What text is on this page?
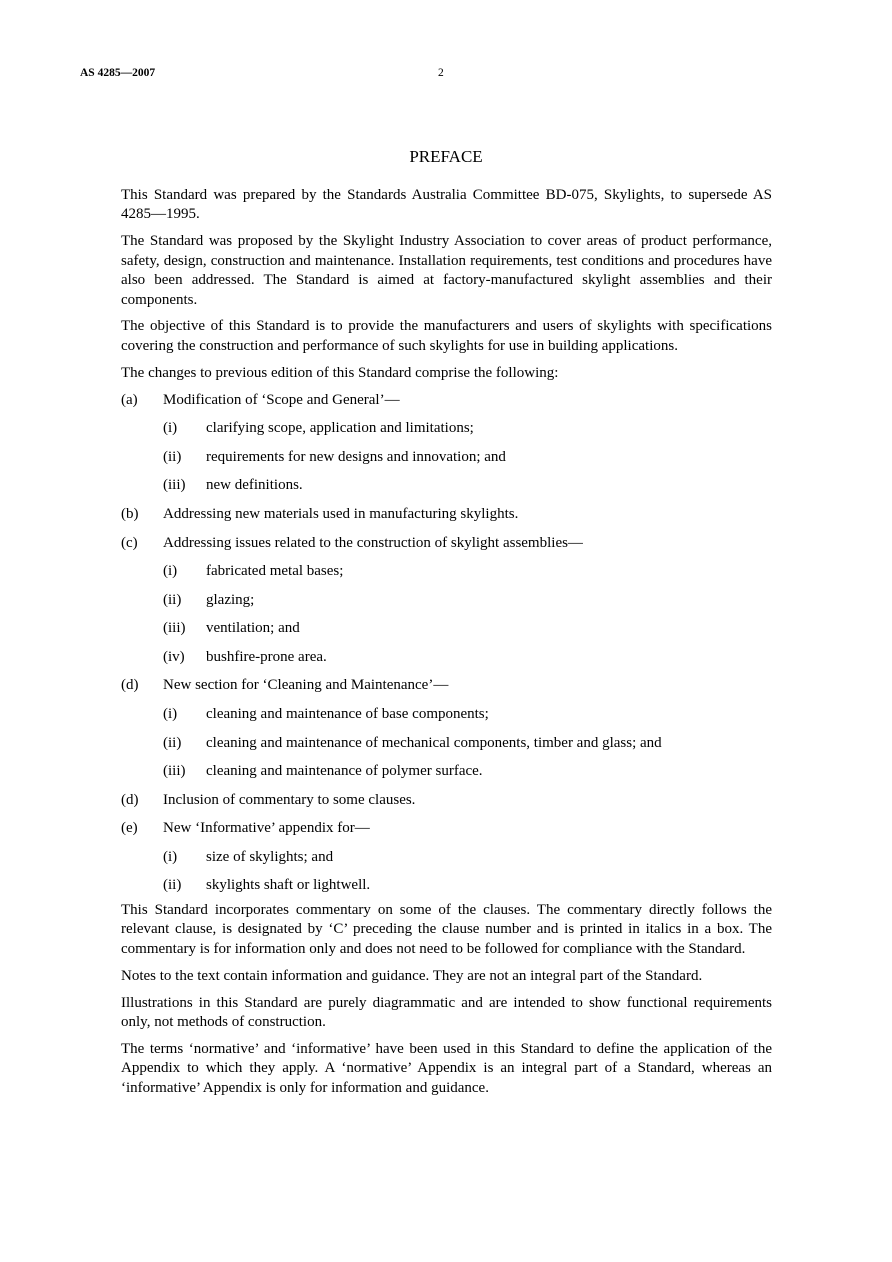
AS 4285—2007	2
PREFACE

This Standard was prepared by the Standards Australia Committee BD-075, Skylights, to supersede AS 4285—1995.

The Standard was proposed by the Skylight Industry Association to cover areas of product performance, safety, design, construction and maintenance. Installation requirements, test conditions and procedures have also been addressed. The Standard is aimed at factory-manufactured skylight assemblies and their components.

The objective of this Standard is to provide the manufacturers and users of skylights with specifications covering the construction and performance of such skylights for use in building applications.

The changes to previous edition of this Standard comprise the following:

(a)	Modification of ‘Scope and General’—
(i)	clarifying scope, application and limitations;
(ii)	requirements for new designs and innovation; and
(iii)	new definitions.
(b)	Addressing new materials used in manufacturing skylights.
(c)	Addressing issues related to the construction of skylight assemblies—
(i)	fabricated metal bases;
(ii)	glazing;
(iii)	ventilation; and
(iv)	bushfire-prone area.
(d)	New section for ‘Cleaning and Maintenance’—
(i)	cleaning and maintenance of base components;
(ii)	cleaning and maintenance of mechanical components, timber and glass; and
(iii)	cleaning and maintenance of polymer surface.
(d)	Inclusion of commentary to some clauses.
(e)	New ‘Informative’ appendix for—
(i)	size of skylights; and
(ii)	skylights shaft or lightwell.

This Standard incorporates commentary on some of the clauses. The commentary directly follows the relevant clause, is designated by ‘C’ preceding the clause number and is printed in italics in a box. The commentary is for information only and does not need to be followed for compliance with the Standard.

Notes to the text contain information and guidance. They are not an integral part of the Standard.

Illustrations in this Standard are purely diagrammatic and are intended to show functional requirements only, not methods of construction.

The terms ‘normative’ and ‘informative’ have been used in this Standard to define the application of the Appendix to which they apply. A ‘normative’ Appendix is an integral part of a Standard, whereas an ‘informative’ Appendix is only for information and guidance.
